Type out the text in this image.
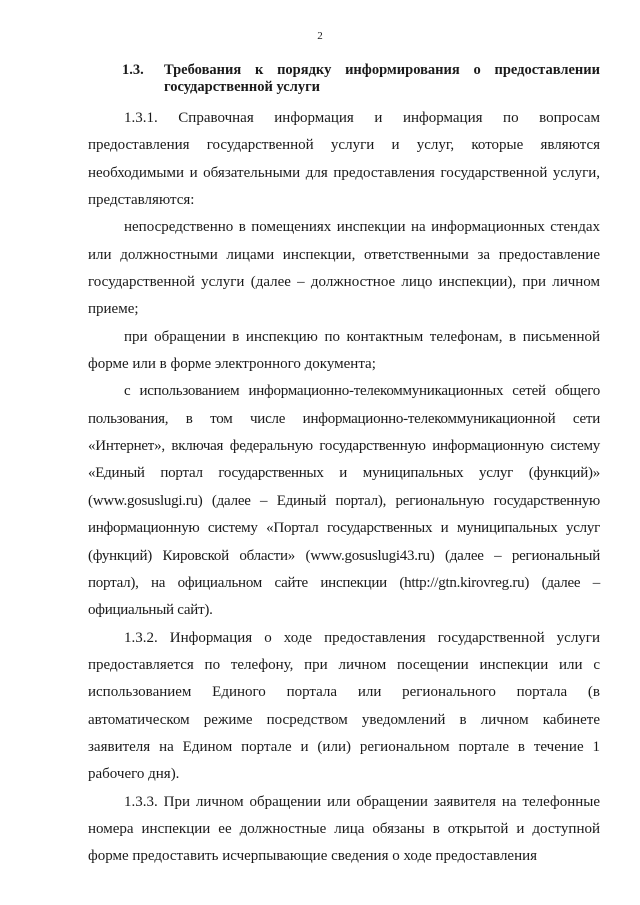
2
1.3. Требования к порядку информирования о предоставлении государственной услуги

1.3.1. Справочная информация и информация по вопросам предоставления государственной услуги и услуг, которые являются необходимыми и обязательными для предоставления государственной услуги, представляются:

непосредственно в помещениях инспекции на информационных стендах или должностными лицами инспекции, ответственными за предоставление государственной услуги (далее – должностное лицо инспекции), при личном приеме;

при обращении в инспекцию по контактным телефонам, в письменной форме или в форме электронного документа;

с использованием информационно-телекоммуникационных сетей общего пользования, в том числе информационно-телекоммуникационной сети «Интернет», включая федеральную государственную информационную систему «Единый портал государственных и муниципальных услуг (функций)» (www.gosuslugi.ru) (далее – Единый портал), региональную государственную информационную систему «Портал государственных и муниципальных услуг (функций) Кировской области» (www.gosuslugi43.ru) (далее – региональный портал), на официальном сайте инспекции (http://gtn.kirovreg.ru) (далее – официальный сайт).

1.3.2. Информация о ходе предоставления государственной услуги предоставляется по телефону, при личном посещении инспекции или с использованием Единого портала или регионального портала (в автоматическом режиме посредством уведомлений в личном кабинете заявителя на Едином портале и (или) региональном портале в течение 1 рабочего дня).

1.3.3. При личном обращении или обращении заявителя на телефонные номера инспекции ее должностные лица обязаны в открытой и доступной форме предоставить исчерпывающие сведения о ходе предоставления
